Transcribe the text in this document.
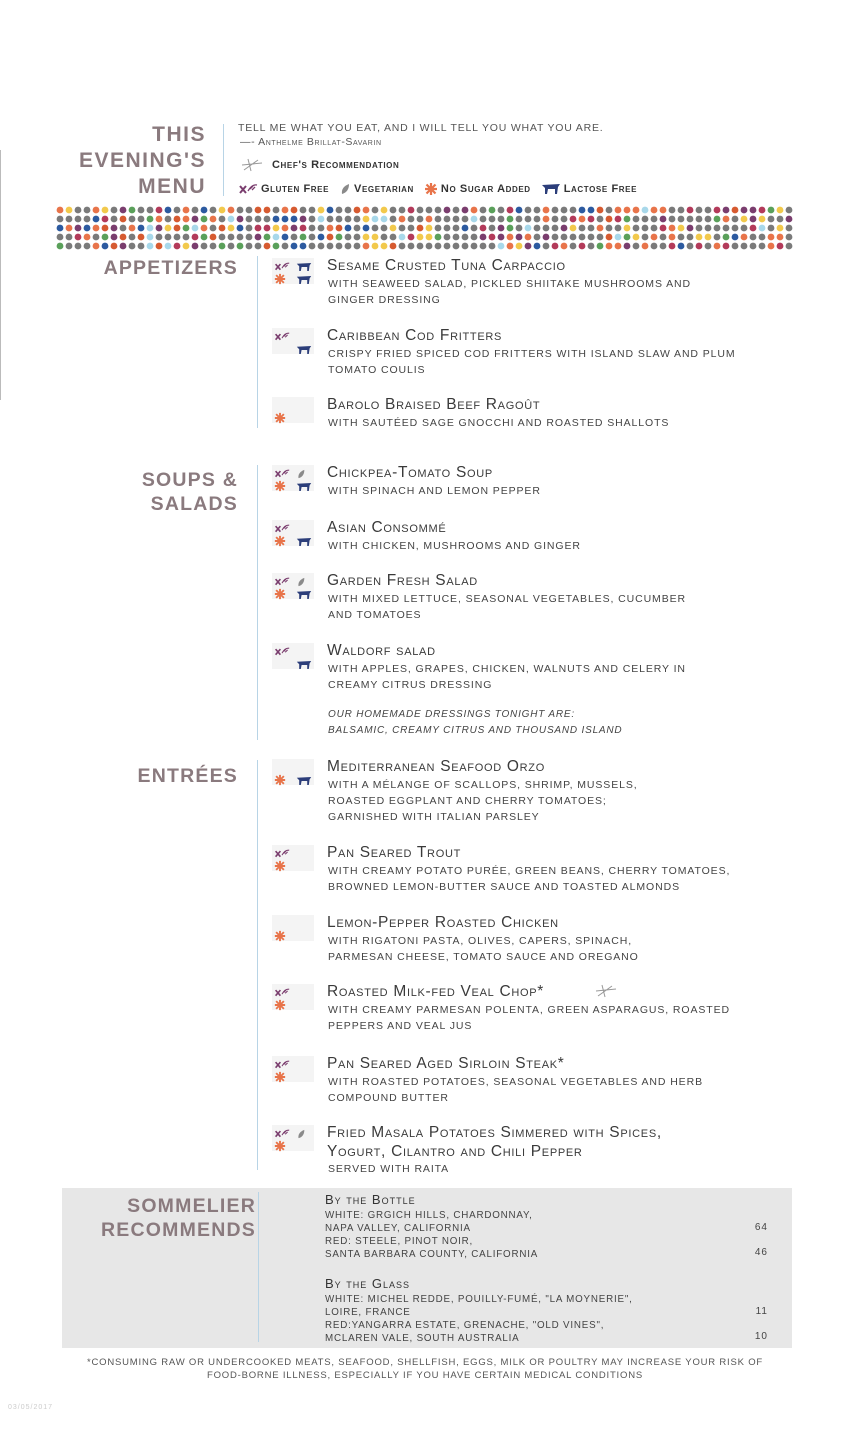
THIS
EVENING'S
MENU
TELL ME WHAT YOU EAT, AND I WILL TELL YOU WHAT YOU ARE.
—- Anthelme Brillat-Savarin
Chef's Recommendation
Gluten Free Vegetarian No Sugar Added	Lactose Free
APPETIZERS
SOUPS &
SALADS
ENTRÉES
Sesame Crusted Tuna Carpaccio
WITH SEAWEED SALAD, PICKLED SHIITAKE MUSHROOMS AND
GINGER DRESSING
Caribbean Cod Fritters
CRISPY FRIED SPICED COD FRITTERS WITH ISLAND SLAW AND PLUM
TOMATO COULIS
Barolo Braised Beef Ragoût
WITH SAUTÉED SAGE GNOCCHI AND ROASTED SHALLOTS
Chickpea-Tomato Soup
WITH SPINACH AND LEMON PEPPER
Asian Consommé
WITH CHICKEN, MUSHROOMS AND GINGER
Garden Fresh Salad
WITH MIXED LETTUCE, SEASONAL VEGETABLES, CUCUMBER
AND TOMATOES
Waldorf salad
WITH APPLES, GRAPES, CHICKEN, WALNUTS AND CELERY IN
CREAMY CITRUS DRESSING
Mediterranean Seafood Orzo
WITH A MÉLANGE OF SCALLOPS, SHRIMP, MUSSELS,
ROASTED EGGPLANT AND CHERRY TOMATOES;
GARNISHED WITH ITALIAN PARSLEY
Pan Seared Trout
WITH CREAMY POTATO PURÉE, GREEN BEANS, CHERRY TOMATOES,
BROWNED LEMON-BUTTER SAUCE AND TOASTED ALMONDS
Lemon-Pepper Roasted Chicken
WITH RIGATONI PASTA, OLIVES, CAPERS, SPINACH,
PARMESAN CHEESE, TOMATO SAUCE AND OREGANO
Roasted Milk-fed Veal Chop*
WITH CREAMY PARMESAN POLENTA, GREEN ASPARAGUS, ROASTED
PEPPERS AND VEAL JUS
Pan Seared Aged Sirloin Steak*
WITH ROASTED POTATOES, SEASONAL VEGETABLES AND HERB
COMPOUND BUTTER
Fried Masala Potatoes Simmered with Spices,
Yogurt, Cilantro and Chili Pepper
SERVED WITH RAITA
OUR HOMEMADE DRESSINGS TONIGHT ARE:
BALSAMIC, CREAMY CITRUS AND THOUSAND ISLAND
SOMMELIER
RECOMMENDS
By the Bottle
WHITE: GRGICH HILLS, CHARDONNAY,
NAPA VALLEY, CALIFORNIA	64
RED: STEELE, PINOT NOIR,
SANTA BARBARA COUNTY, CALIFORNIA	46
By the Glass
WHITE: MICHEL REDDE, POUILLY-FUMÉ, "LA MOYNERIE",
LOIRE, FRANCE	11
RED:YANGARRA ESTATE, GRENACHE, "OLD VINES",
MCLAREN VALE, SOUTH AUSTRALIA	10
*CONSUMING RAW OR UNDERCOOKED MEATS, SEAFOOD, SHELLFISH, EGGS, MILK OR POULTRY MAY INCREASE YOUR RISK OF
FOOD-BORNE ILLNESS, ESPECIALLY IF YOU HAVE CERTAIN MEDICAL CONDITIONS
03/05/2017
